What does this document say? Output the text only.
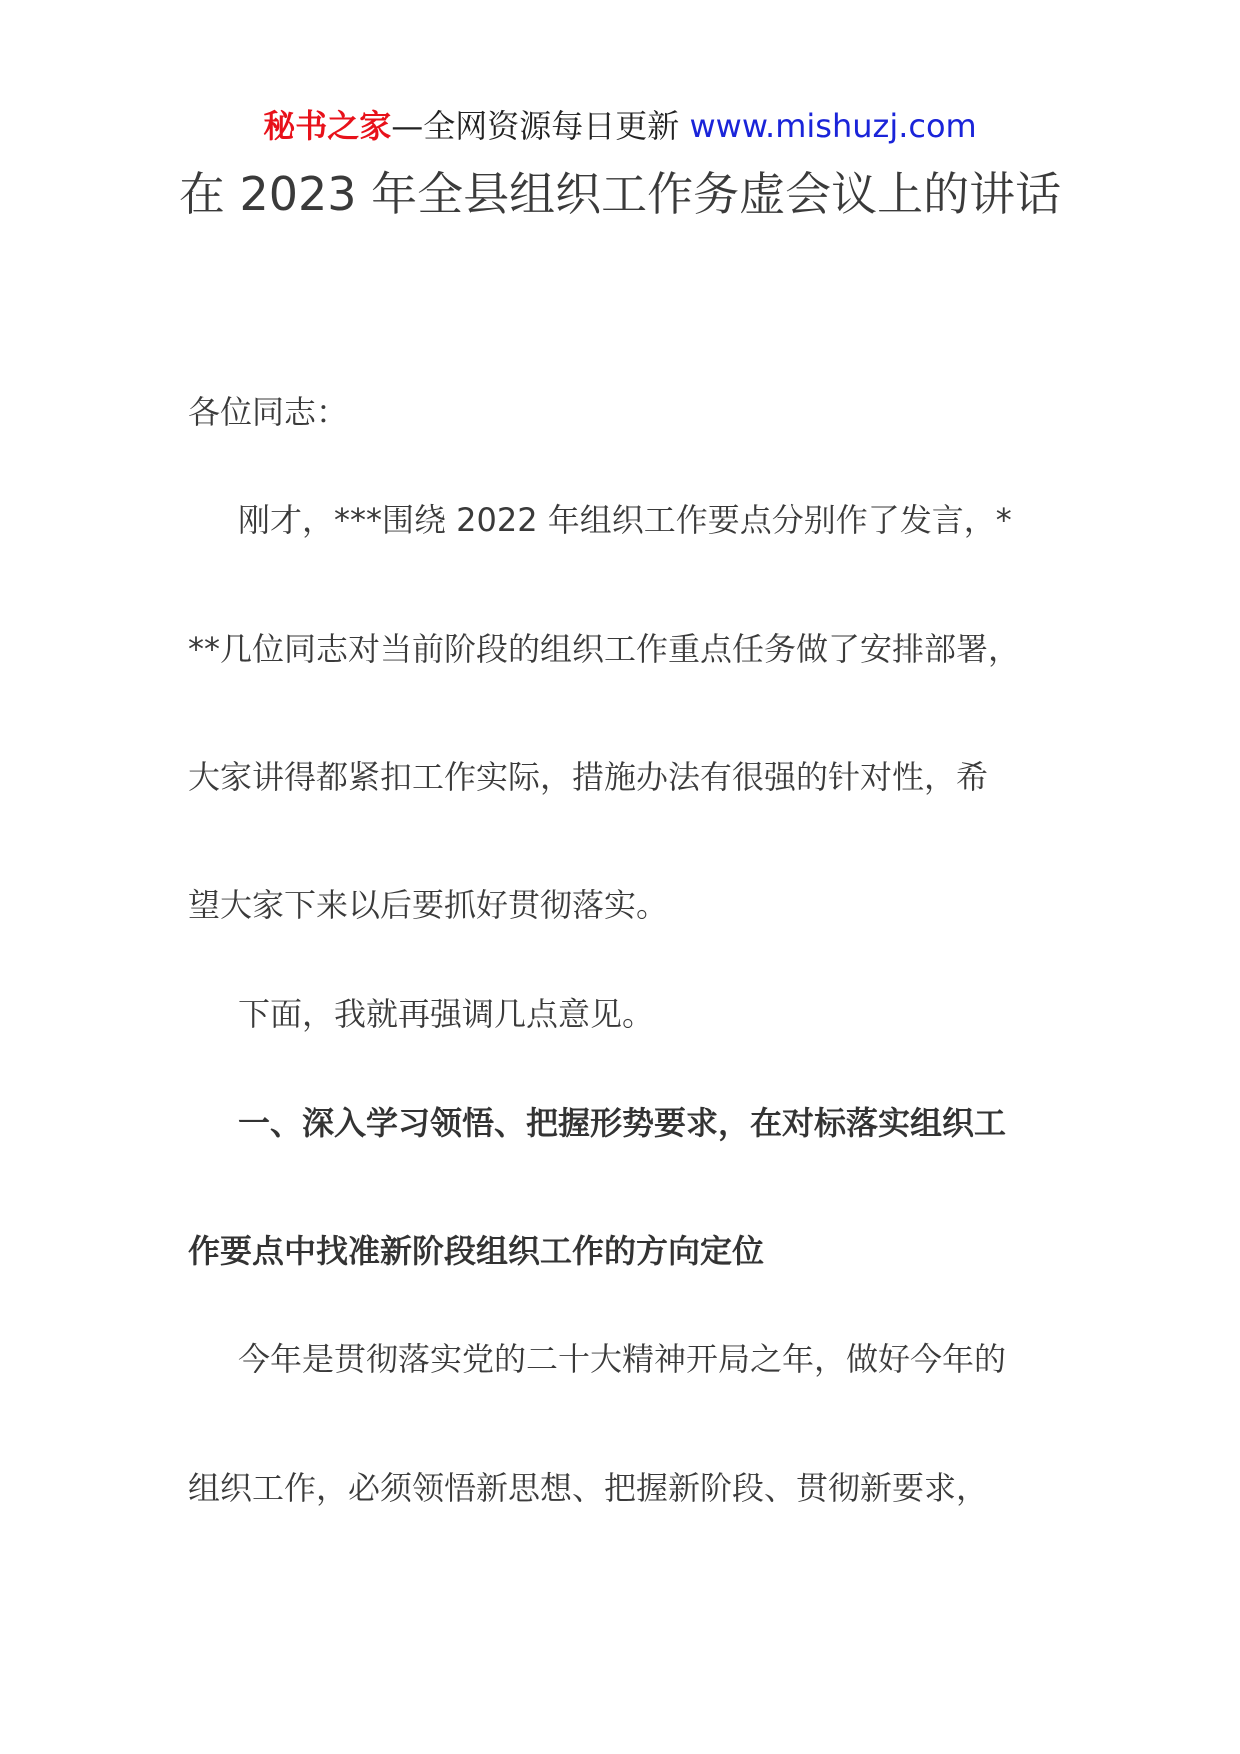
秘书之家—全网资源每日更新 www.mishuzj.com
在 2023 年全县组织工作务虚会议上的讲话
各位同志：
刚才，***围绕 2022 年组织工作要点分别作了发言，*
**几位同志对当前阶段的组织工作重点任务做了安排部署，
大家讲得都紧扣工作实际，措施办法有很强的针对性，希
望大家下来以后要抓好贯彻落实。
下面，我就再强调几点意见。
一、深入学习领悟、把握形势要求，在对标落实组织工
作要点中找准新阶段组织工作的方向定位
今年是贯彻落实党的二十大精神开局之年，做好今年的
组织工作，必须领悟新思想、把握新阶段、贯彻新要求，
